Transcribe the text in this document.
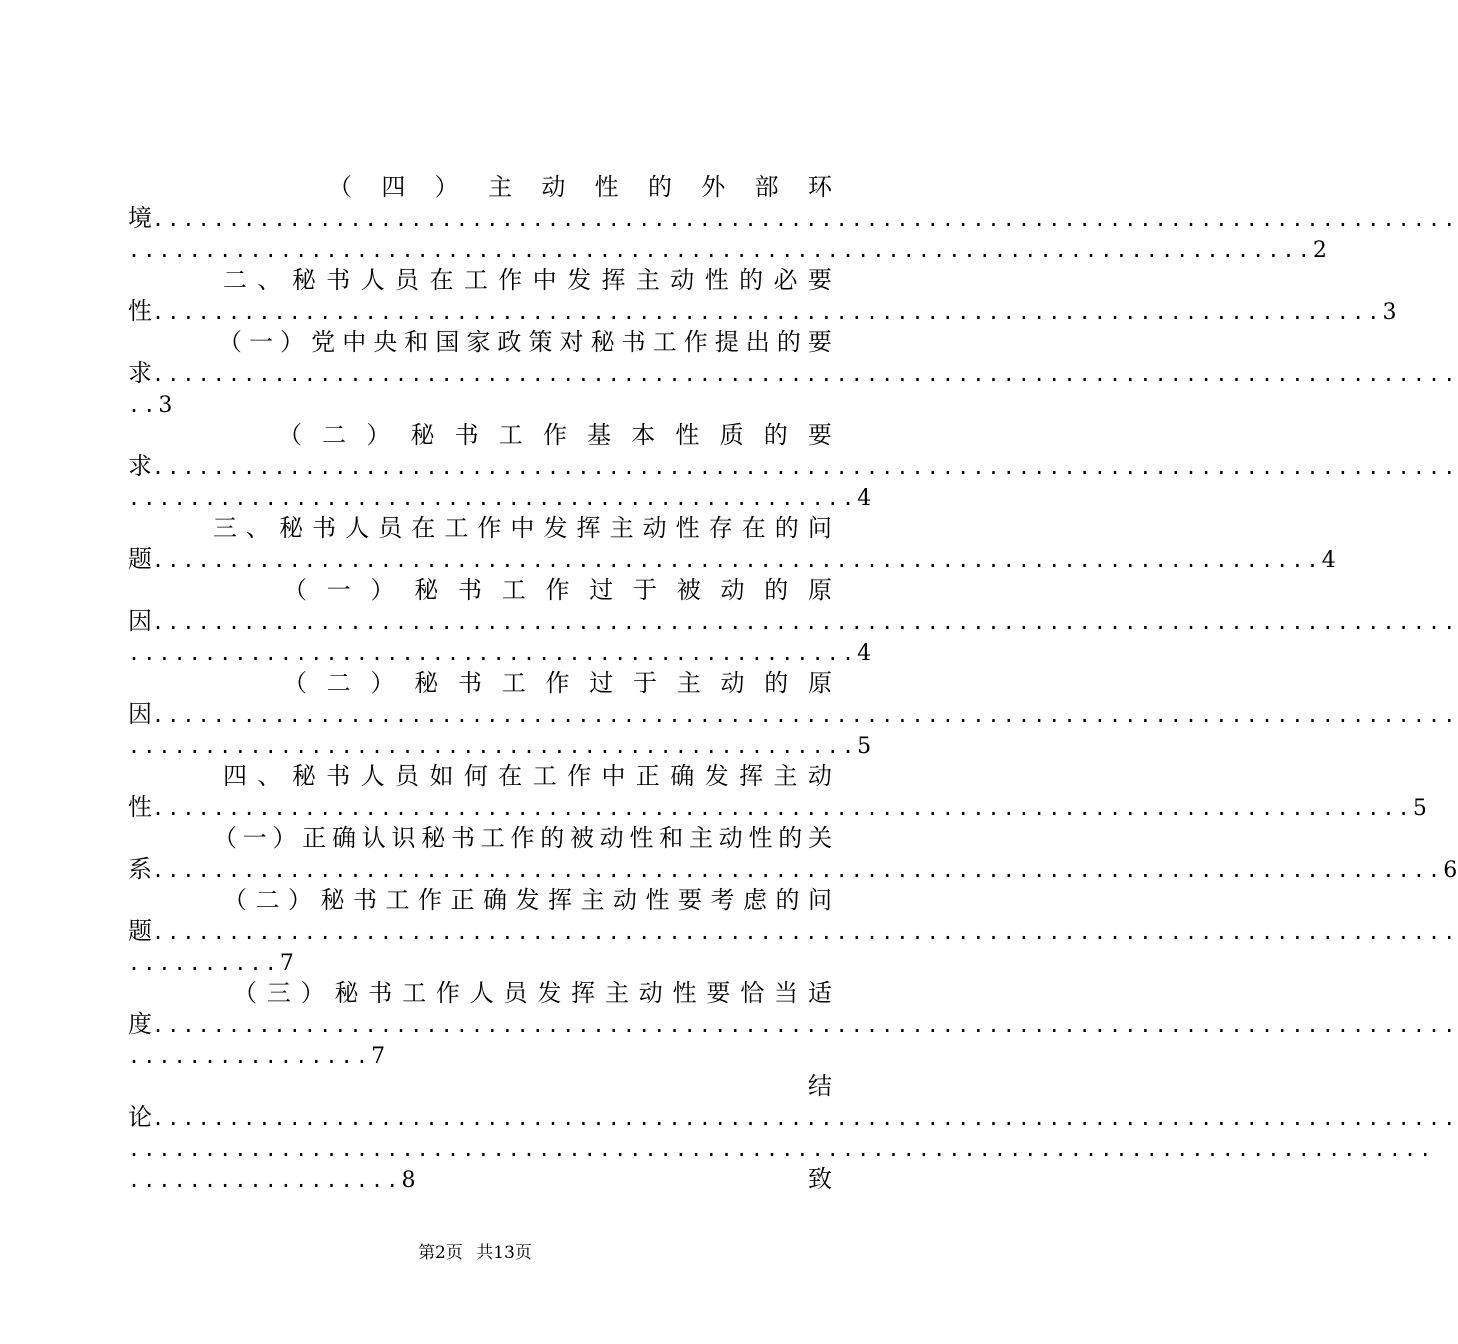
（ 四 ） 主 动 性 的 外 部 环
境......................................................................................
..............................................................................2
二 、 秘 书 人 员 在 工 作 中 发 挥 主 动 性 的 必 要
性.................................................................................3
（ 一 ） 党 中 央 和 国 家 政 策 对 秘 书 工 作 提 出 的 要
求......................................................................................
..3
（ 二 ） 秘 书 工 作 基 本 性 质 的 要
求......................................................................................
................................................4
三 、 秘 书 人 员 在 工 作 中 发 挥 主 动 性 存 在 的 问
题.............................................................................4
（ 一 ） 秘 书 工 作 过 于 被 动 的 原
因......................................................................................
................................................4
（ 二 ） 秘 书 工 作 过 于 主 动 的 原
因......................................................................................
................................................5
四 、 秘 书 人 员 如 何 在 工 作 中 正 确 发 挥 主 动
性...................................................................................5
（ 一 ） 正 确 认 识 秘 书 工 作 的 被 动 性 和 主 动 性 的 关
系.....................................................................................6
（ 二 ） 秘 书 工 作 正 确 发 挥 主 动 性 要 考 虑 的 问
题......................................................................................
..........7
（ 三 ） 秘 书 工 作 人 员 发 挥 主 动 性 要 恰 当 适
度......................................................................................
................7
结
论......................................................................................
......................................................................................
..................8	致
第2页 共13页
